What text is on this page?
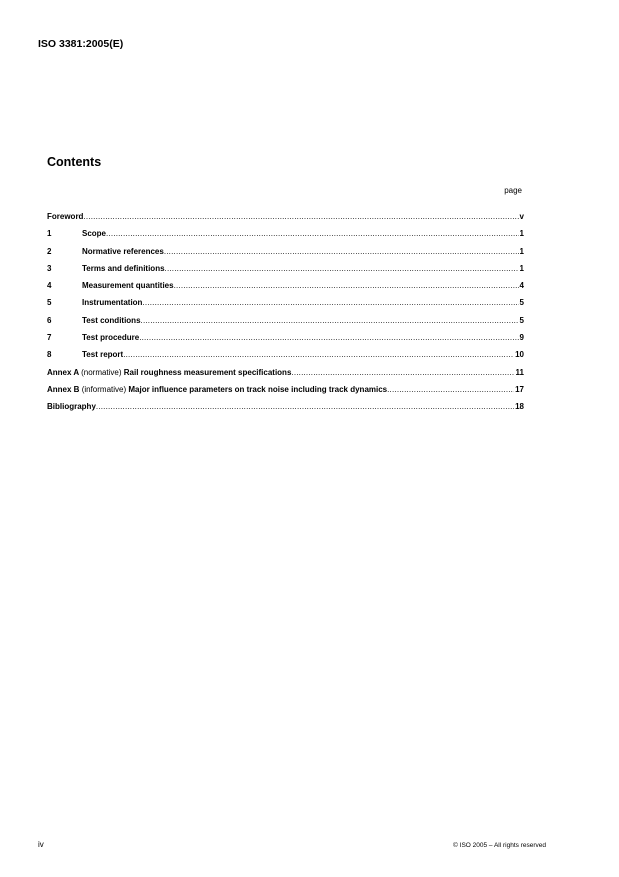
ISO 3381:2005(E)
Contents
page
Foreword .....	v
1	Scope .....	1
2	Normative references .....	1
3	Terms and definitions .....	1
4	Measurement quantities .....	4
5	Instrumentation .....	5
6	Test conditions .....	5
7	Test procedure .....	9
8	Test report .....	10
Annex A (normative) Rail roughness measurement specifications .....	11
Annex B (informative) Major influence parameters on track noise including track dynamics .....	17
Bibliography .....	18
iv	© ISO 2005 – All rights reserved
